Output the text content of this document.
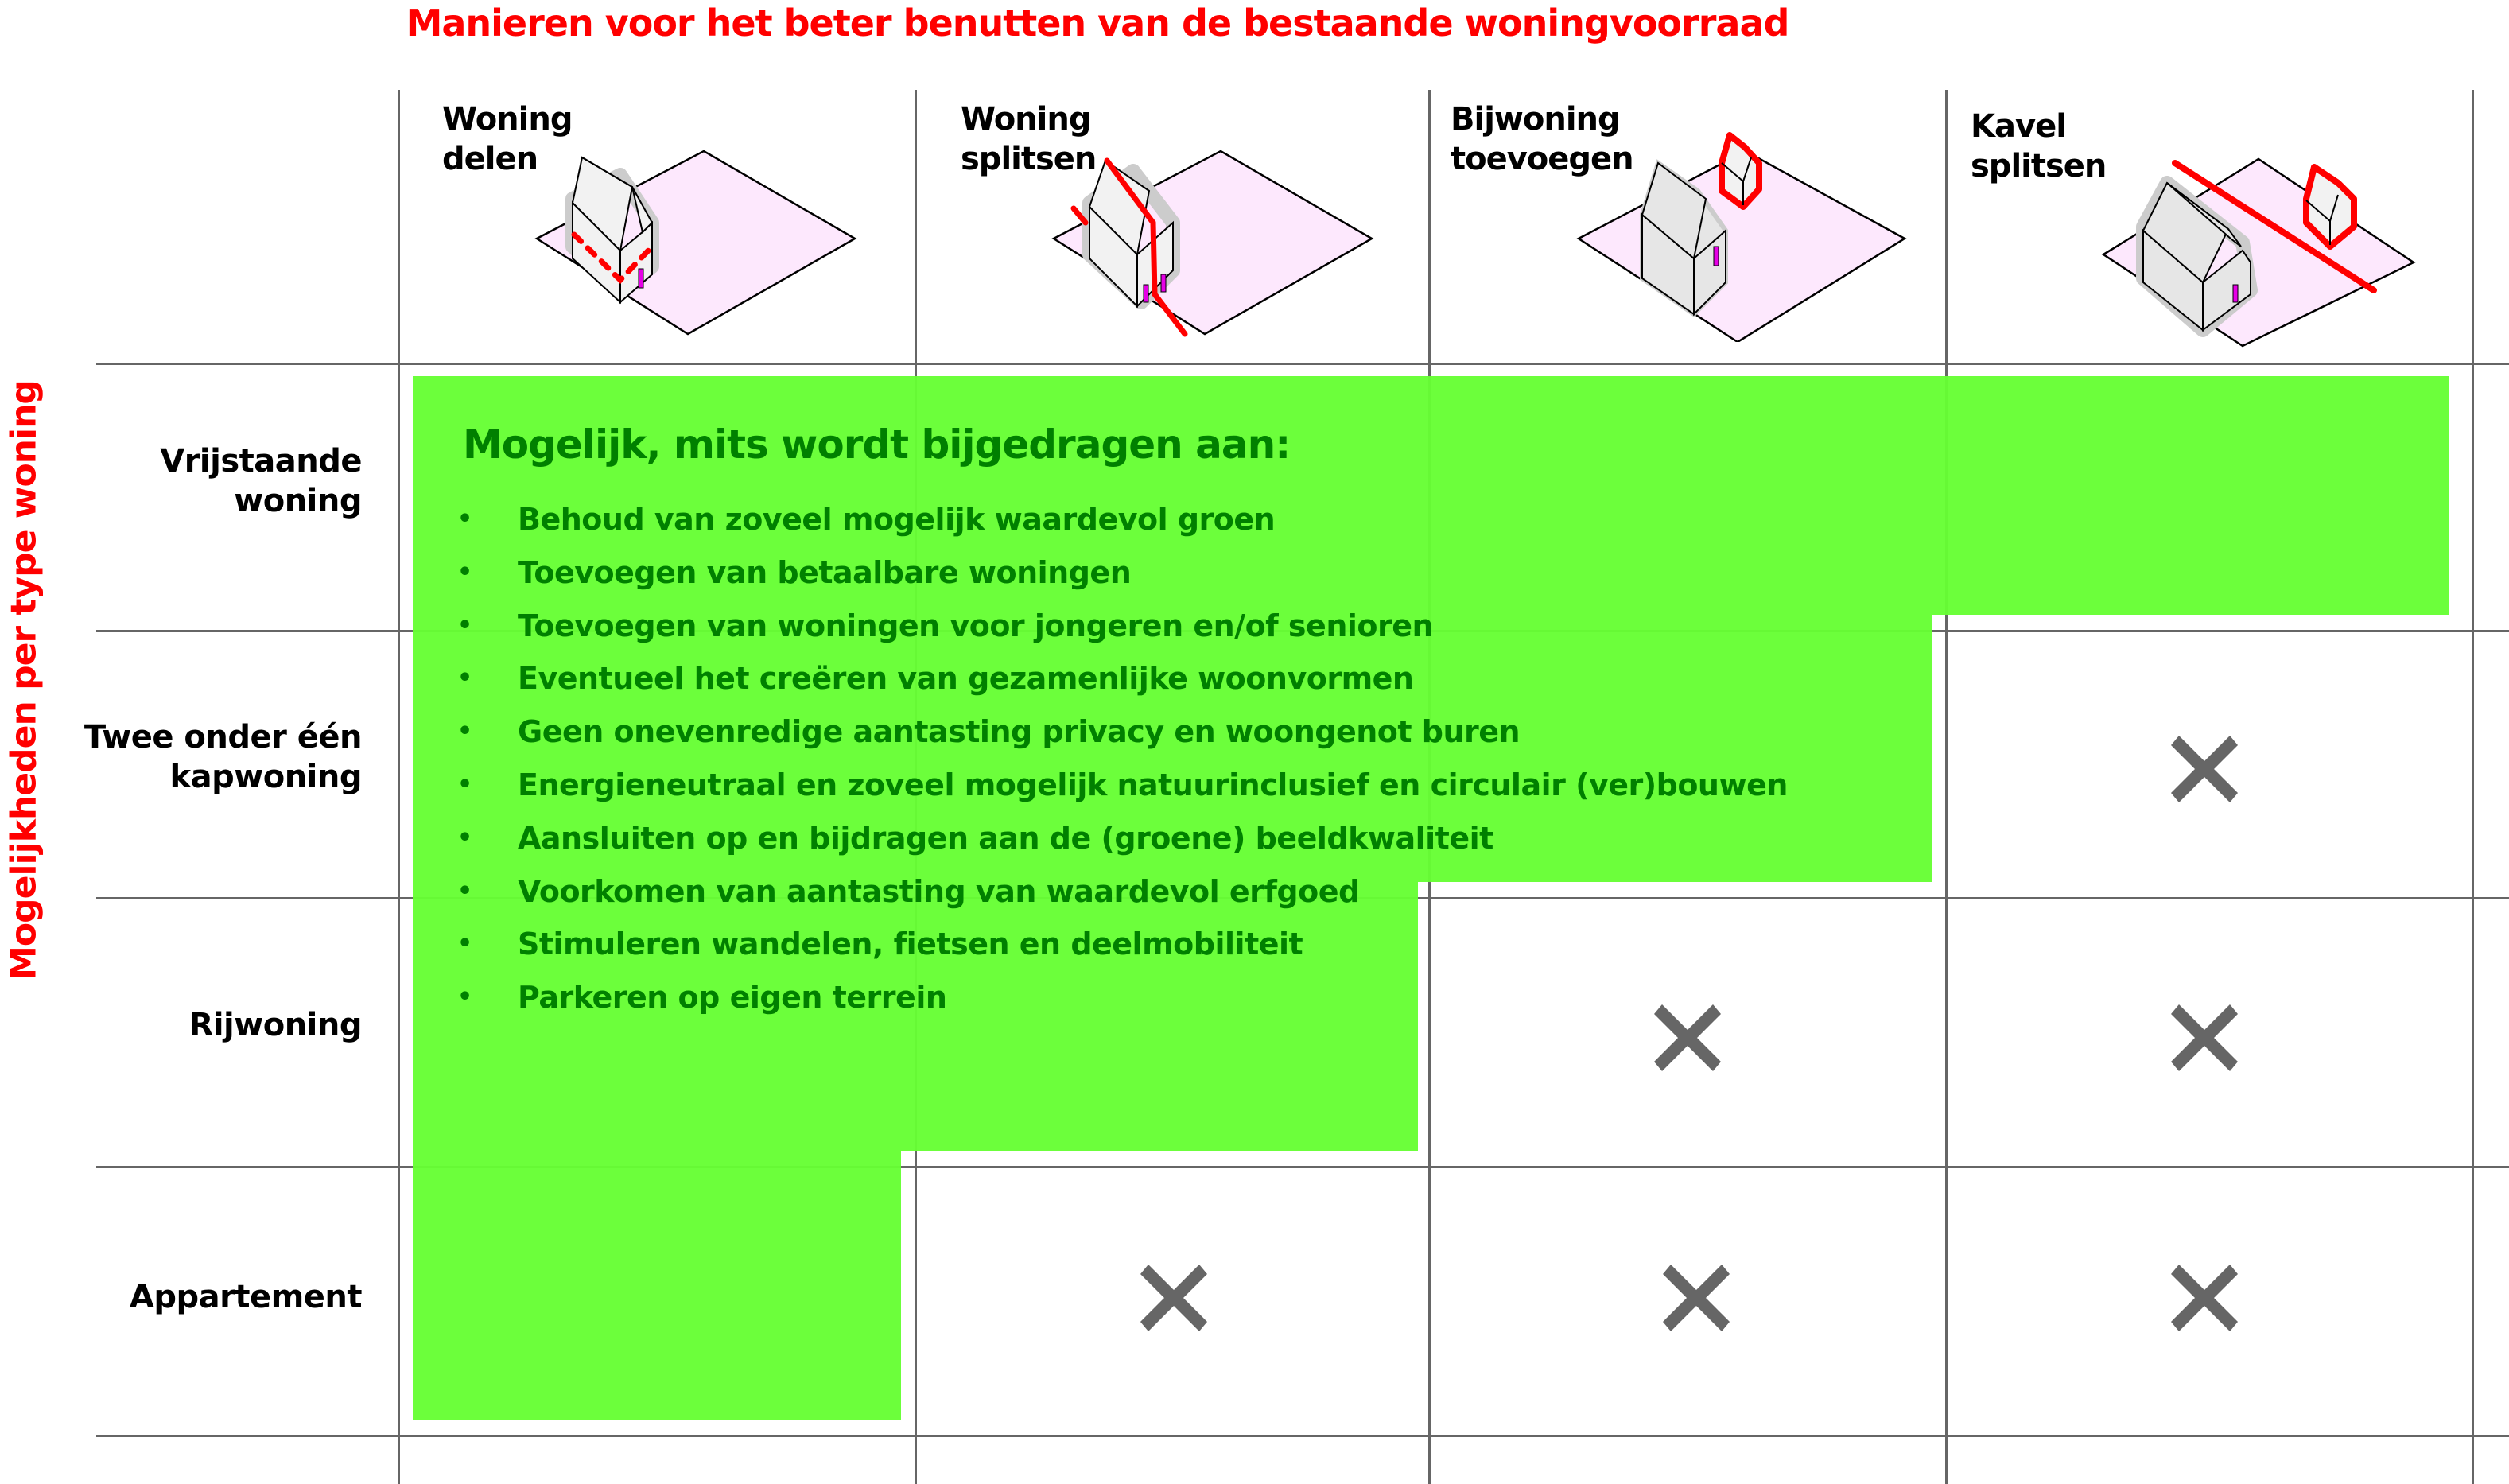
Manieren voor het beter benutten van de bestaande woningvoorraad
Mogelijkheden per type woning
Woning
delen
Woning
splitsen
Bijwoning
toevoegen
Kavel
splitsen
Vrijstaande
woning
Twee onder één
kapwoning
Rijwoning
Appartement
Mogelijk, mits wordt bijgedragen aan:
• Behoud van zoveel mogelijk waardevol groen
• Toevoegen van betaalbare woningen
• Toevoegen van woningen voor jongeren en/of senioren
• Eventueel het creëren van gezamenlijke woonvormen
• Geen onevenredige aantasting privacy en woongenot buren
• Energieneutraal en zoveel mogelijk natuurinclusief en circulair (ver)bouwen
• Aansluiten op en bijdragen aan de (groene) beeldkwaliteit
• Voorkomen van aantasting van waardevol erfgoed
• Stimuleren wandelen, fietsen en deelmobiliteit
• Parkeren op eigen terrein
